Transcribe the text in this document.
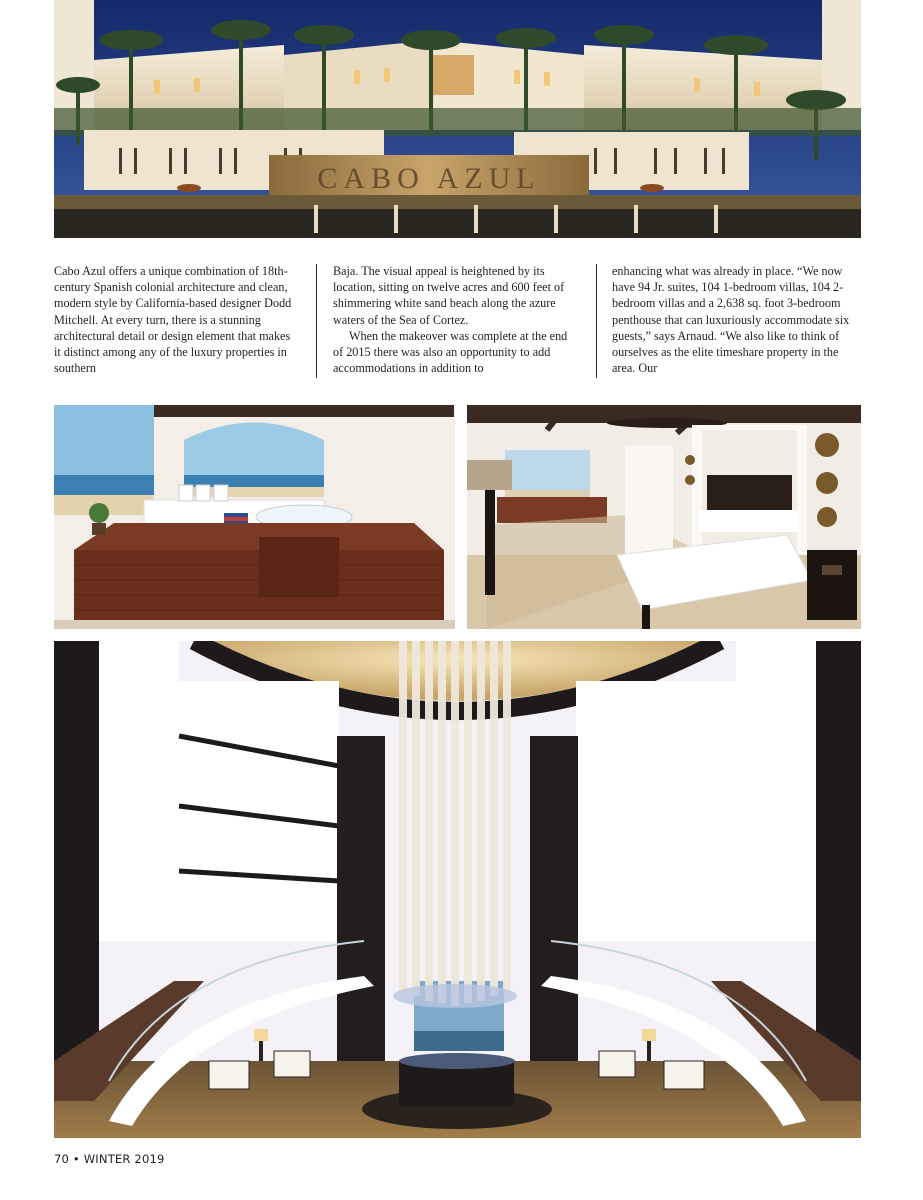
CABO AZUL

Cabo Azul offers a unique combination of 18th-century Spanish colonial architecture and clean, modern style by California-based designer Dodd Mitchell. At every turn, there is a stunning architectural detail or design element that makes it distinct among any of the luxury properties in southern

Baja. The visual appeal is heightened by its location, sitting on twelve acres and 600 feet of shimmering white sand beach along the azure waters of the Sea of Cortez.

When the makeover was complete at the end of 2015 there was also an opportunity to add accommodations in addition to

enhancing what was already in place. “We now have 94 Jr. suites, 104 1-bedroom villas, 104 2-bedroom villas and a 2,638 sq. foot 3-bedroom penthouse that can luxuriously accommodate six guests,” says Arnaud. “We also like to think of ourselves as the elite timeshare property in the area. Our

70 • WINTER 2019
